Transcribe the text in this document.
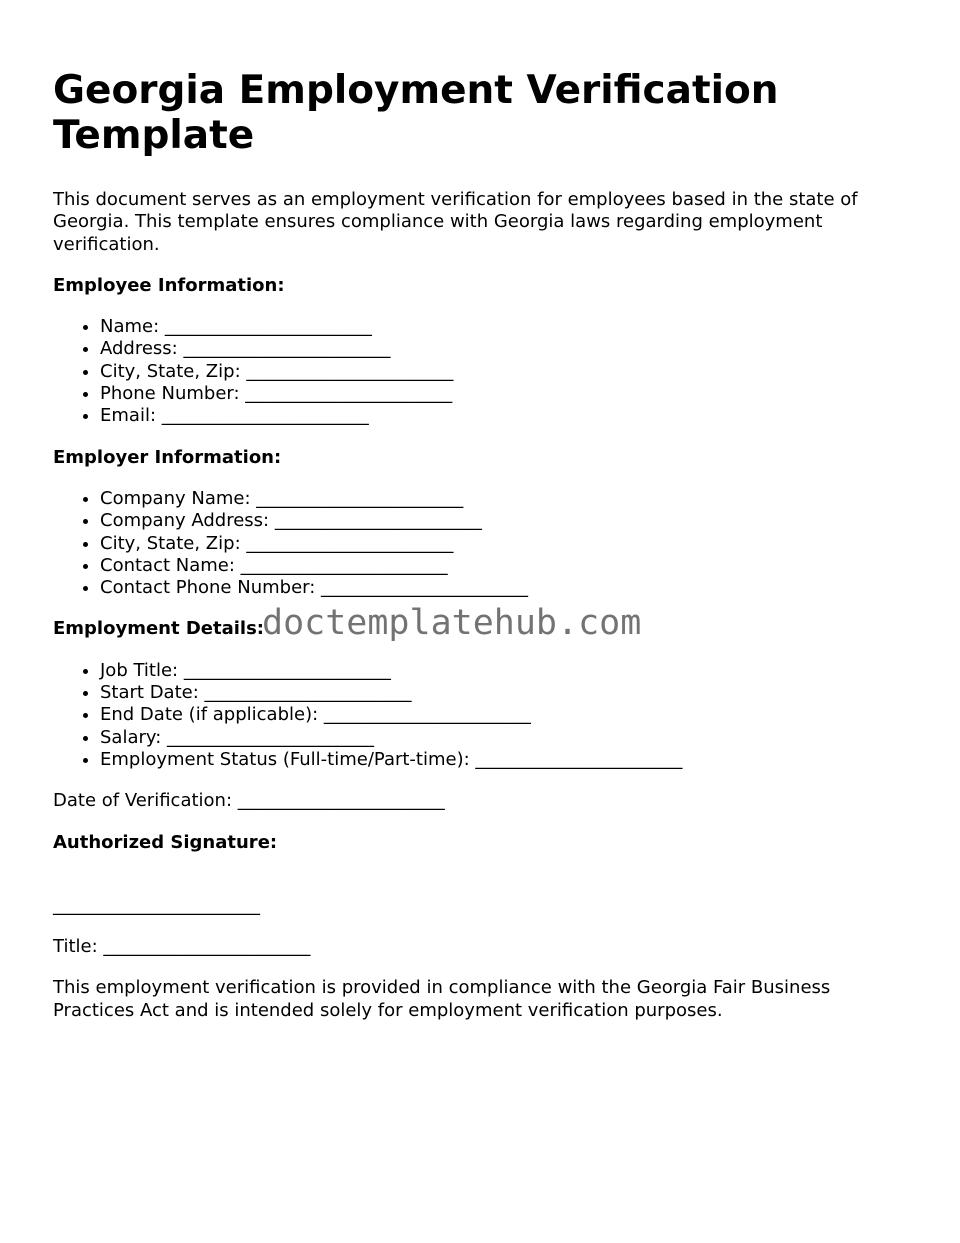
Georgia Employment Verification Template

This document serves as an employment verification for employees based in the state of Georgia. This template ensures compliance with Georgia laws regarding employment verification.

Employee Information:

• Name: _______________________
• Address: _______________________
• City, State, Zip: _______________________
• Phone Number: _______________________
• Email: _______________________

Employer Information:

• Company Name: _______________________
• Company Address: _______________________
• City, State, Zip: _______________________
• Contact Name: _______________________
• Contact Phone Number: _______________________

Employment Details:

• Job Title: _______________________
• Start Date: _______________________
• End Date (if applicable): _______________________
• Salary: _______________________
• Employment Status (Full-time/Part-time): _______________________

Date of Verification: _______________________

Authorized Signature:

_______________________

Title: _______________________

This employment verification is provided in compliance with the Georgia Fair Business Practices Act and is intended solely for employment verification purposes.

doctemplatehub.com
